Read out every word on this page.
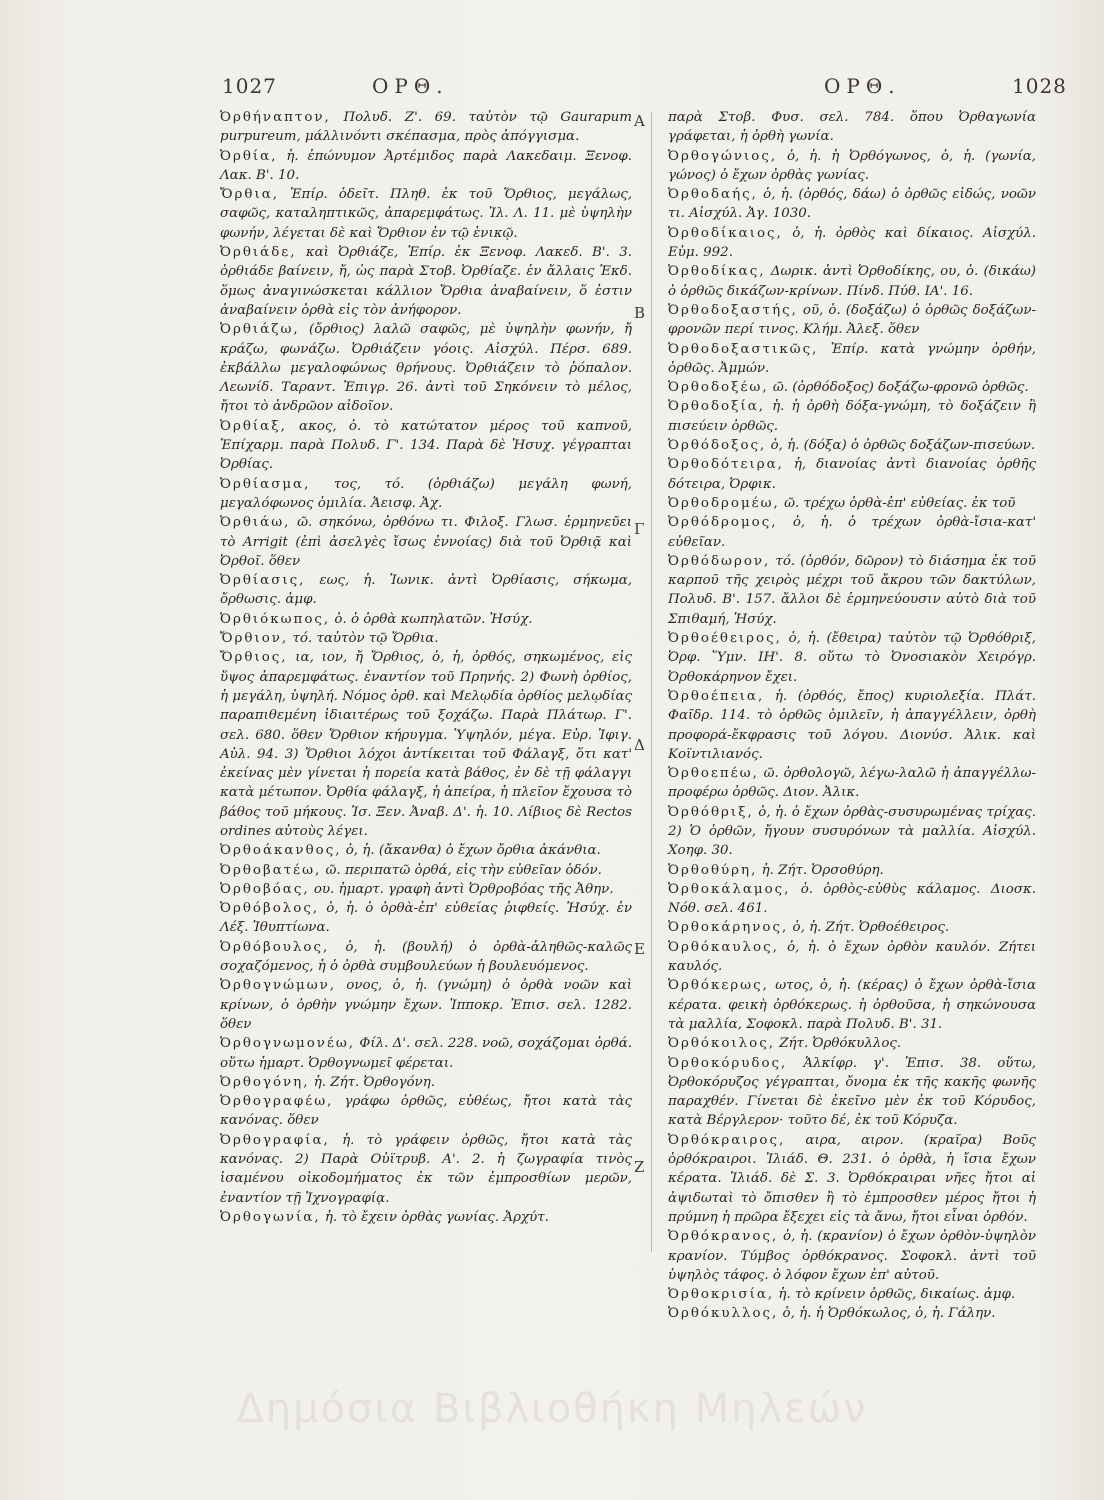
1027	ΟΡΘ.	ΟΡΘ.	1028

Ὀρθήναπτον, Πολυδ. Ζ'. 69. ταὐτὸν τῷ Gaurapum purpureum, μάλλινόντι σκέπασμα, πρὸς ἀπόγγισμα.

Ὀρθία, ἡ. ἐπώνυμον Ἀρτέμιδος παρὰ Λακεδαιμ. Ξενοφ. Λακ. Β'. 10.

Ὄρθια, Ἐπίρ. ὁδεῖτ. Πληθ. ἐκ τοῦ Ὄρθιος, μεγάλως, σαφῶς, καταληπτικῶς, ἀπαρεμφάτως. Ἰλ. Λ. 11. μὲ ὑψηλὴν φωνήν, λέγεται δὲ καὶ Ὄρθιον ἐν τῷ ἑνικῷ.

Ὀρθιάδε, καὶ Ὀρθιάζε, Ἐπίρ. ἐκ Ξενοφ. Λακεδ. Β'. 3. ὀρθιάδε βαίνειν, ἤ, ὡς παρὰ Στοβ. Ὀρθίαζε. ἐν ἄλλαις Ἐκδ. ὅμως ἀναγινώσκεται κάλλιον Ὄρθια ἀναβαίνειν, ὅ ἐστιν ἀναβαίνειν ὀρθὰ εἰς τὸν ἀνήφορον.

Ὀρθιάζω, (ὄρθιος) λαλῶ σαφῶς, μὲ ὑψηλὴν φωνήν, ἤ κράζω, φωνάζω. Ὀρθιάζειν γόοις. Αἰσχύλ. Πέρσ. 689. ἐκβάλλω μεγαλοφώνως θρήνους. Ὀρθιάζειν τὸ ῥόπαλον. Λεωνίδ. Ταραντ. Ἐπιγρ. 26. ἀντὶ τοῦ Σηκόνειν τὸ μέλος, ἤτοι τὸ ἀνδρῶον αἰδοῖον.

Ὀρθίαξ, ακος, ὁ. τὸ κατώτατον μέρος τοῦ καπνοῦ, Ἐπίχαρμ. παρὰ Πολυδ. Γ'. 134. Παρὰ δὲ Ἡσυχ. γέγραπται Ὀρθίας.

Ὀρθίασμα, τος, τό. (ὀρθιάζω) μεγάλη φωνή, μεγαλόφωνος ὁμιλία. Ἀεισφ. Ἀχ.

Ὀρθιάω, ῶ. σηκόνω, ὀρθόνω τι. Φιλοξ. Γλωσ. ἐρμηνεῦει τὸ Arrigit (ἐπὶ ἀσελγὲς ἴσως ἐννοίας) διὰ τοῦ Ὀρθιᾷ καὶ Ὀρθοῖ. ὅθεν

Ὀρθίασις, εως, ἡ. Ἰωνικ. ἀντὶ Ὀρθίασις, σήκωμα, ὄρθωσις. ἀμφ.

Ὀρθιόκωπος, ὁ. ὁ ὀρθὰ κωπηλατῶν. Ἡσύχ.

Ὄρθιον, τό. ταὐτὸν τῷ Ὄρθια.

Ὄρθιος, ια, ιον, ἤ Ὄρθιος, ὁ, ἡ, ὀρθός, σηκωμένος, εἰς ὕψος ἀπαρεμφάτως. ἐναντίον τοῦ Πρηνής. 2) Φωνὴ ὀρθίος, ἡ μεγάλη, ὑψηλή. Νόμος ὀρθ. καὶ Μελῳδία ὀρθίος μελῳδίας παραπιθεμένη ἰδιαιτέρως τοῦ ξοχάζω. Παρὰ Πλάτωρ. Γ'. σελ. 680. ὅθεν Ὄρθιον κήρυγμα. Ὑψηλόν, μέγα. Εὐρ. Ἰφιγ. Αὐλ. 94. 3) Ὄρθιοι λόχοι ἀντίκειται τοῦ Φάλαγξ, ὅτι κατ' ἐκείνας μὲν γίνεται ἡ πορεία κατὰ βάθος, ἐν δὲ τῇ φάλαγγι κατὰ μέτωπον. Ὀρθία φάλαγξ, ἡ ἀπείρα, ἡ πλεῖον ἔχουσα τὸ βάθος τοῦ μήκους. Ἰσ. Ξεν. Ἀναβ. Δ'. ἡ. 10. Λίβιος δὲ Rectos ordines αὐτοὺς λέγει.

Ὀρθοάκανθος, ὁ, ἡ. (ἄκανθα) ὁ ἔχων ὄρθια ἀκάνθια.

Ὀρθοβατέω, ῶ. περιπατῶ ὀρθά, εἰς τὴν εὐθεῖαν ὁδόν.

Ὀρθοβόας, ου. ἡμαρτ. γραφὴ ἀντὶ Ὀρθροβόας τῆς Ἀθην.

Ὀρθόβολος, ὁ, ἡ. ὁ ὀρθὰ-ἐπ' εὐθείας ῥιφθείς. Ἡσύχ. ἐν Λέξ. Ἰθυπτίωνα.

Ὀρθόβουλος, ὁ, ἡ. (βουλή) ὁ ὀρθὰ-ἀληθῶς-καλῶς σοχαζόμενος, ἡ ὁ ὀρθὰ συμβουλεύων ἡ βουλευόμενος.

Ὀρθογνώμων, ονος, ὁ, ἡ. (γνώμη) ὁ ὀρθὰ νοῶν καὶ κρίνων, ὁ ὀρθὴν γνώμην ἔχων. Ἱπποκρ. Ἐπισ. σελ. 1282. ὅθεν

Ὀρθογνωμονέω, Φίλ. Δ'. σελ. 228. νοῶ, σοχάζομαι ὀρθά. οὕτω ἡμαρτ. Ὀρθογνωμεῖ φέρεται.

Ὀρθογόνη, ἡ. Ζήτ. Ὀρθογόνη.

Ὀρθογραφέω, γράφω ὀρθῶς, εὐθέως, ἤτοι κατὰ τὰς κανόνας. ὅθεν

Ὀρθογραφία, ἡ. τὸ γράφειν ὀρθῶς, ἤτοι κατὰ τὰς κανόνας. 2) Παρὰ Οὐϊτρυβ. Α'. 2. ἡ ζωγραφία τινὸς ἱσαμένου οἰκοδομήματος ἐκ τῶν ἐμπροσθίων μερῶν, ἐναντίον τῇ Ἰχνογραφίᾳ.

Ὀρθογωνία, ἡ. τὸ ἔχειν ὀρθὰς γωνίας. Ἀρχύτ.

παρὰ Στοβ. Φυσ. σελ. 784. ὅπου Ὀρθαγωνία γράφεται, ἡ ὀρθὴ γωνία.

Ὀρθογώνιος, ὁ, ἡ. ἡ Ὀρθόγωνος, ὁ, ἡ. (γωνία, γώνος) ὁ ἔχων ὀρθὰς γωνίας.

Ὀρθοδαής, ὁ, ἡ. (ὀρθός, δάω) ὁ ὀρθῶς εἰδώς, νοῶν τι. Αἰσχύλ. Ἀγ. 1030.

Ὀρθοδίκαιος, ὁ, ἡ. ὀρθὸς καὶ δίκαιος. Αἰσχύλ. Εὐμ. 992.

Ὀρθοδίκας, Δωρικ. ἀντὶ Ὀρθοδίκης, ου, ὁ. (δικάω) ὁ ὀρθῶς δικάζων-κρίνων. Πίνδ. Πύθ. ΙΑ'. 16.

Ὀρθοδοξαστής, οῦ, ὁ. (δοξάζω) ὁ ὀρθῶς δοξάζων-φρονῶν περί τινος. Κλήμ. Ἀλεξ. ὅθεν

Ὀρθοδοξαστικῶς, Ἐπίρ. κατὰ γνώμην ὀρθήν, ὀρθῶς. Ἀμμών.

Ὀρθοδοξέω, ῶ. (ὀρθόδοξος) δοξάζω-φρονῶ ὀρθῶς.

Ὀρθοδοξία, ἡ. ἡ ὀρθὴ δόξα-γνώμη, τὸ δοξάζειν ἢ πισεύειν ὀρθῶς.

Ὀρθόδοξος, ὁ, ἡ. (δόξα) ὁ ὀρθῶς δοξάζων-πισεύων.

Ὀρθοδότειρα, ἡ, διανοίας ἀντὶ διανοίας ὀρθῆς δότειρα, Ὀρφικ.

Ὀρθοδρομέω, ῶ. τρέχω ὀρθὰ-ἐπ' εὐθείας. ἐκ τοῦ

Ὀρθόδρομος, ὁ, ἡ. ὁ τρέχων ὀρθὰ-ἴσια-κατ' εὐθεῖαν.

Ὀρθόδωρον, τό. (ὀρθόν, δῶρον) τὸ διάσημα ἐκ τοῦ καρποῦ τῆς χειρὸς μέχρι τοῦ ἄκρου τῶν δακτύλων, Πολυδ. Β'. 157. ἄλλοι δὲ ἑρμηνεύουσιν αὐτὸ διὰ τοῦ Σπιθαμή, Ἡσύχ.

Ὀρθοέθειρος, ὁ, ἡ. (ἔθειρα) ταὐτὸν τῷ Ὀρθόθριξ, Ὀρφ. Ὕμν. ΙΗ'. 8. οὕτω τὸ Ὀνοσιακὸν Χειρόγρ. Ὀρθοκάρηνον ἔχει.

Ὀρθοέπεια, ἡ. (ὀρθός, ἔπος) κυριολεξία. Πλάτ. Φαῖδρ. 114. τὸ ὀρθῶς ὁμιλεῖν, ἡ ἀπαγγέλλειν, ὀρθὴ προφορά-ἔκφρασις τοῦ λόγου. Διονύσ. Ἀλικ. καὶ Κοϊντιλιανός.

Ὀρθοεπέω, ῶ. ὀρθολογῶ, λέγω-λαλῶ ἡ ἀπαγγέλλω-προφέρω ὀρθῶς. Διον. Ἀλικ.

Ὀρθόθριξ, ὁ, ἡ. ὁ ἔχων ὀρθὰς-συσυρωμένας τρίχας. 2) Ὁ ὀρθῶν, ἤγουν συσυρόνων τὰ μαλλία. Αἰσχύλ. Χοηφ. 30.

Ὀρθοθύρη, ἡ. Ζήτ. Ὀρσοθύρη.

Ὀρθοκάλαμος, ὁ. ὀρθὸς-εὐθὺς κάλαμος. Διοσκ. Νόθ. σελ. 461.

Ὀρθοκάρηνος, ὁ, ἡ. Ζήτ. Ὀρθοέθειρος.

Ὀρθόκαυλος, ὁ, ἡ. ὁ ἔχων ὀρθὸν καυλόν. Ζήτει καυλός.

Ὀρθόκερως, ωτος, ὁ, ἡ. (κέρας) ὁ ἔχων ὀρθὰ-ἴσια κέρατα. φεικὴ ὀρθόκερως. ἡ ὀρθοῦσα, ἡ σηκώνουσα τὰ μαλλία, Σοφοκλ. παρὰ Πολυδ. Β'. 31.

Ὀρθόκοιλος, Ζήτ. Ὀρθόκυλλος.

Ὀρθοκόρυδος, Ἀλκίφρ. γ'. Ἐπισ. 38. οὕτω, Ὀρθοκόρυζος γέγραπται, ὄνομα ἐκ τῆς κακῆς φωνῆς παραχθέν. Γίνεται δὲ ἐκεῖνο μὲν ἐκ τοῦ Κόρυδος, κατὰ Βέργλερον· τοῦτο δέ, ἐκ τοῦ Κόρυζα.

Ὀρθόκραιρος, αιρα, αιρον. (κραῖρα) Βοῦς ὀρθόκραιροι. Ἰλιάδ. Θ. 231. ὁ ὀρθὰ, ἡ ἴσια ἔχων κέρατα. Ἰλιάδ. δὲ Σ. 3. Ὀρθόκραιραι νῆες ἤτοι αἱ ἀψιδωταὶ τὸ ὄπισθεν ἢ τὸ ἐμπροσθεν μέρος ἤτοι ἡ πρύμνη ἡ πρῶρα ἔξεχει εἰς τὰ ἄνω, ἤτοι εἶναι ὀρθόν.

Ὀρθόκρανος, ὁ, ἡ. (κρανίον) ὁ ἔχων ὀρθὸν-ὑψηλὸν κρανίον. Τύμβος ὀρθόκρανος. Σοφοκλ. ἀντὶ τοῦ ὑψηλὸς τάφος. ὁ λόφον ἔχων ἐπ' αὐτοῦ.

Ὀρθοκρισία, ἡ. τὸ κρίνειν ὀρθῶς, δικαίως. ἀμφ.

Ὀρθόκυλλος, ὁ, ἡ. ἡ Ὀρθόκωλος, ὁ, ἡ. Γάλην.

Α
Β
Γ
Δ
Ε
Ζ
Δημόσια Βιβλιοθήκη Μηλεών
